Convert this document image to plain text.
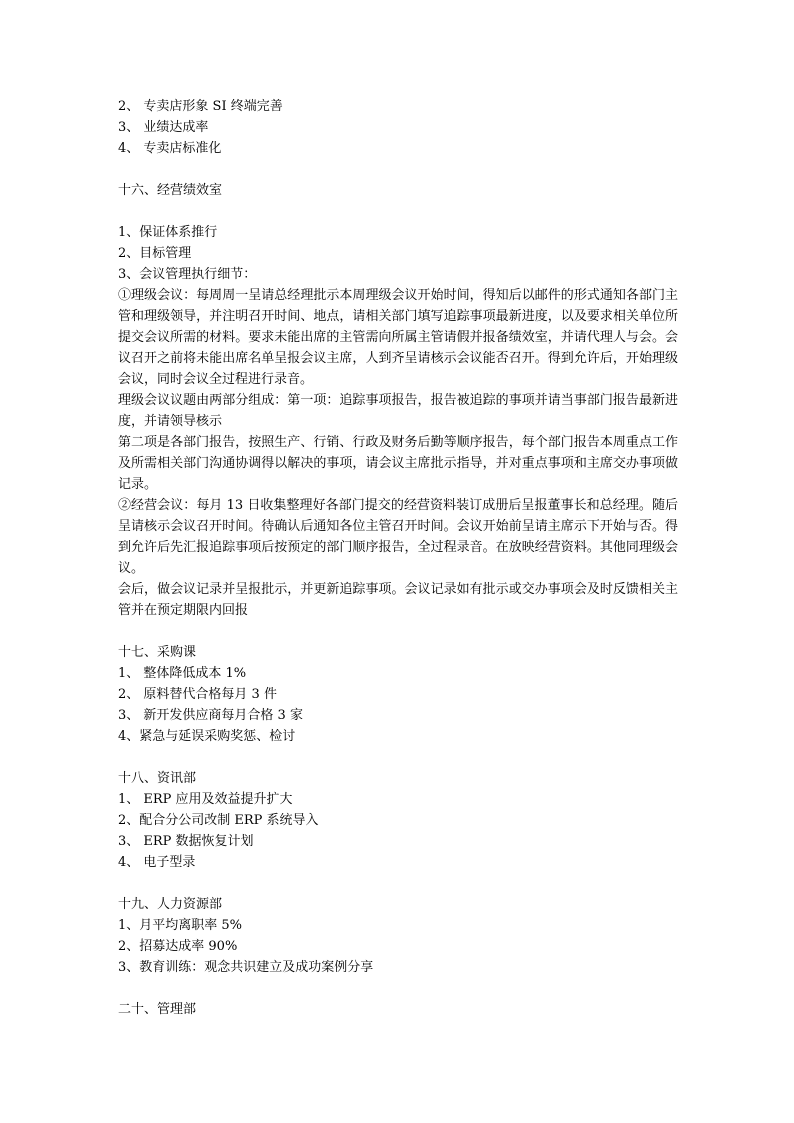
2、 专卖店形象 SI 终端完善
3、 业绩达成率
4、 专卖店标准化
十六、经营绩效室
1、保证体系推行
2、目标管理
3、会议管理执行细节：
①理级会议：每周周一呈请总经理批示本周理级会议开始时间，得知后以邮件的形式通知各部门主管和理级领导，并注明召开时间、地点，请相关部门填写追踪事项最新进度，以及要求相关单位所提交会议所需的材料。要求未能出席的主管需向所属主管请假并报备绩效室，并请代理人与会。会议召开之前将未能出席名单呈报会议主席，人到齐呈请核示会议能否召开。得到允许后，开始理级会议，同时会议全过程进行录音。
理级会议议题由两部分组成：第一项：追踪事项报告，报告被追踪的事项并请当事部门报告最新进度，并请领导核示
第二项是各部门报告，按照生产、行销、行政及财务后勤等顺序报告，每个部门报告本周重点工作及所需相关部门沟通协调得以解决的事项，请会议主席批示指导，并对重点事项和主席交办事项做记录。
②经营会议：每月 13 日收集整理好各部门提交的经营资料装订成册后呈报董事长和总经理。随后呈请核示会议召开时间。待确认后通知各位主管召开时间。会议开始前呈请主席示下开始与否。得到允许后先汇报追踪事项后按预定的部门顺序报告，全过程录音。在放映经营资料。其他同理级会议。
会后，做会议记录并呈报批示，并更新追踪事项。会议记录如有批示或交办事项会及时反馈相关主管并在预定期限内回报
十七、采购课
1、 整体降低成本 1%
2、 原料替代合格每月 3 件
3、 新开发供应商每月合格 3 家
4、紧急与延误采购奖惩、检讨
十八、资讯部
1、 ERP 应用及效益提升扩大
2、配合分公司改制 ERP 系统导入
3、 ERP 数据恢复计划
4、 电子型录
十九、人力资源部
1、月平均离职率 5%
2、招募达成率 90%
3、教育训练：观念共识建立及成功案例分享
二十、管理部
